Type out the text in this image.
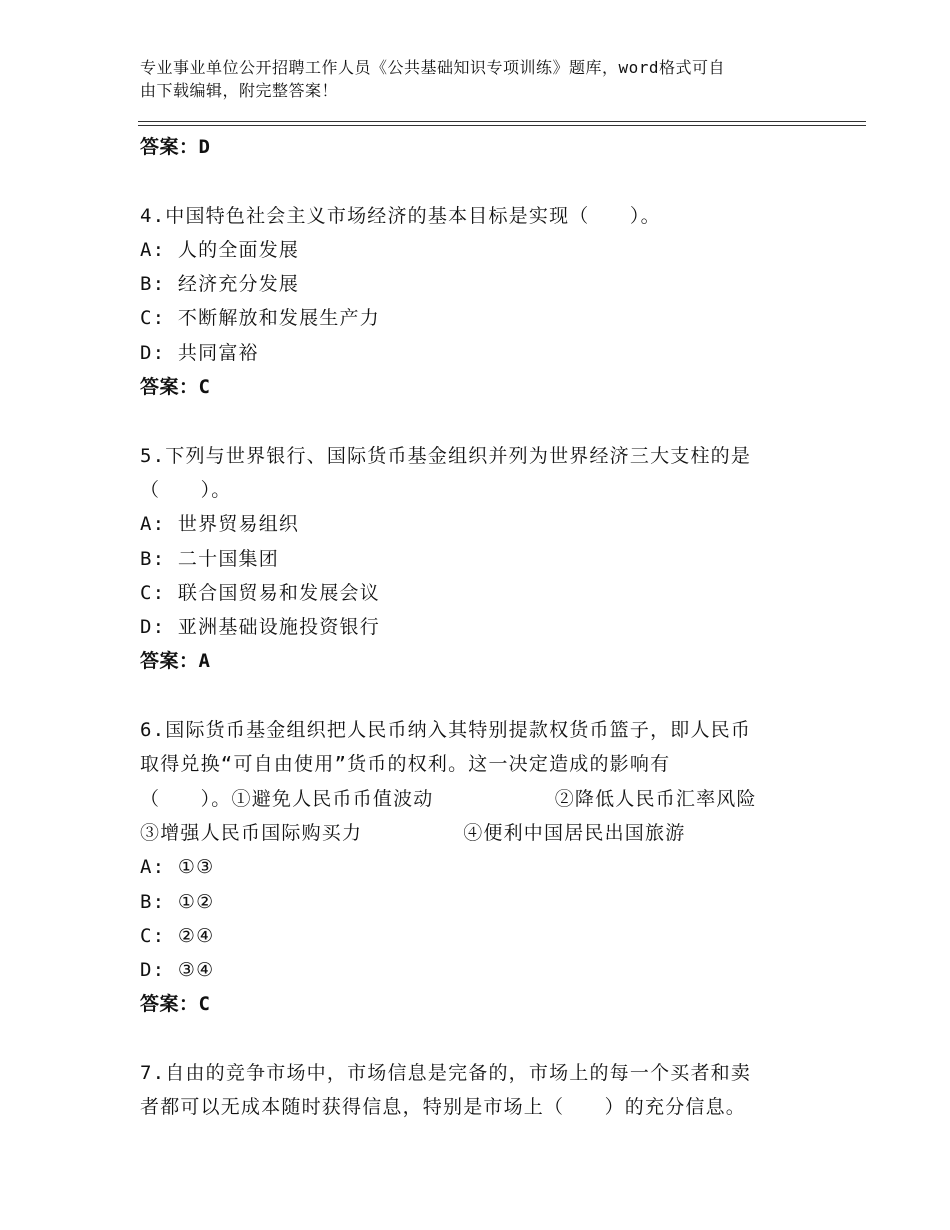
专业事业单位公开招聘工作人员《公共基础知识专项训练》题库，word格式可自
由下载编辑，附完整答案！
答案：D
4.中国特色社会主义市场经济的基本目标是实现（　　）。
A: 人的全面发展
B: 经济充分发展
C: 不断解放和发展生产力
D: 共同富裕
答案：C
5.下列与世界银行、国际货币基金组织并列为世界经济三大支柱的是
（　　）。
A: 世界贸易组织
B: 二十国集团
C: 联合国贸易和发展会议
D: 亚洲基础设施投资银行
答案：A
6.国际货币基金组织把人民币纳入其特别提款权货币篮子，即人民币
取得兑换“可自由使用”货币的权利。这一决定造成的影响有
（　　）。①避免人民币币值波动　　　　　　②降低人民币汇率风险
③增强人民币国际购买力　　　　　④便利中国居民出国旅游
A: ①③
B: ①②
C: ②④
D: ③④
答案：C
7.自由的竞争市场中，市场信息是完备的，市场上的每一个买者和卖
者都可以无成本随时获得信息，特别是市场上（　　）的充分信息。
